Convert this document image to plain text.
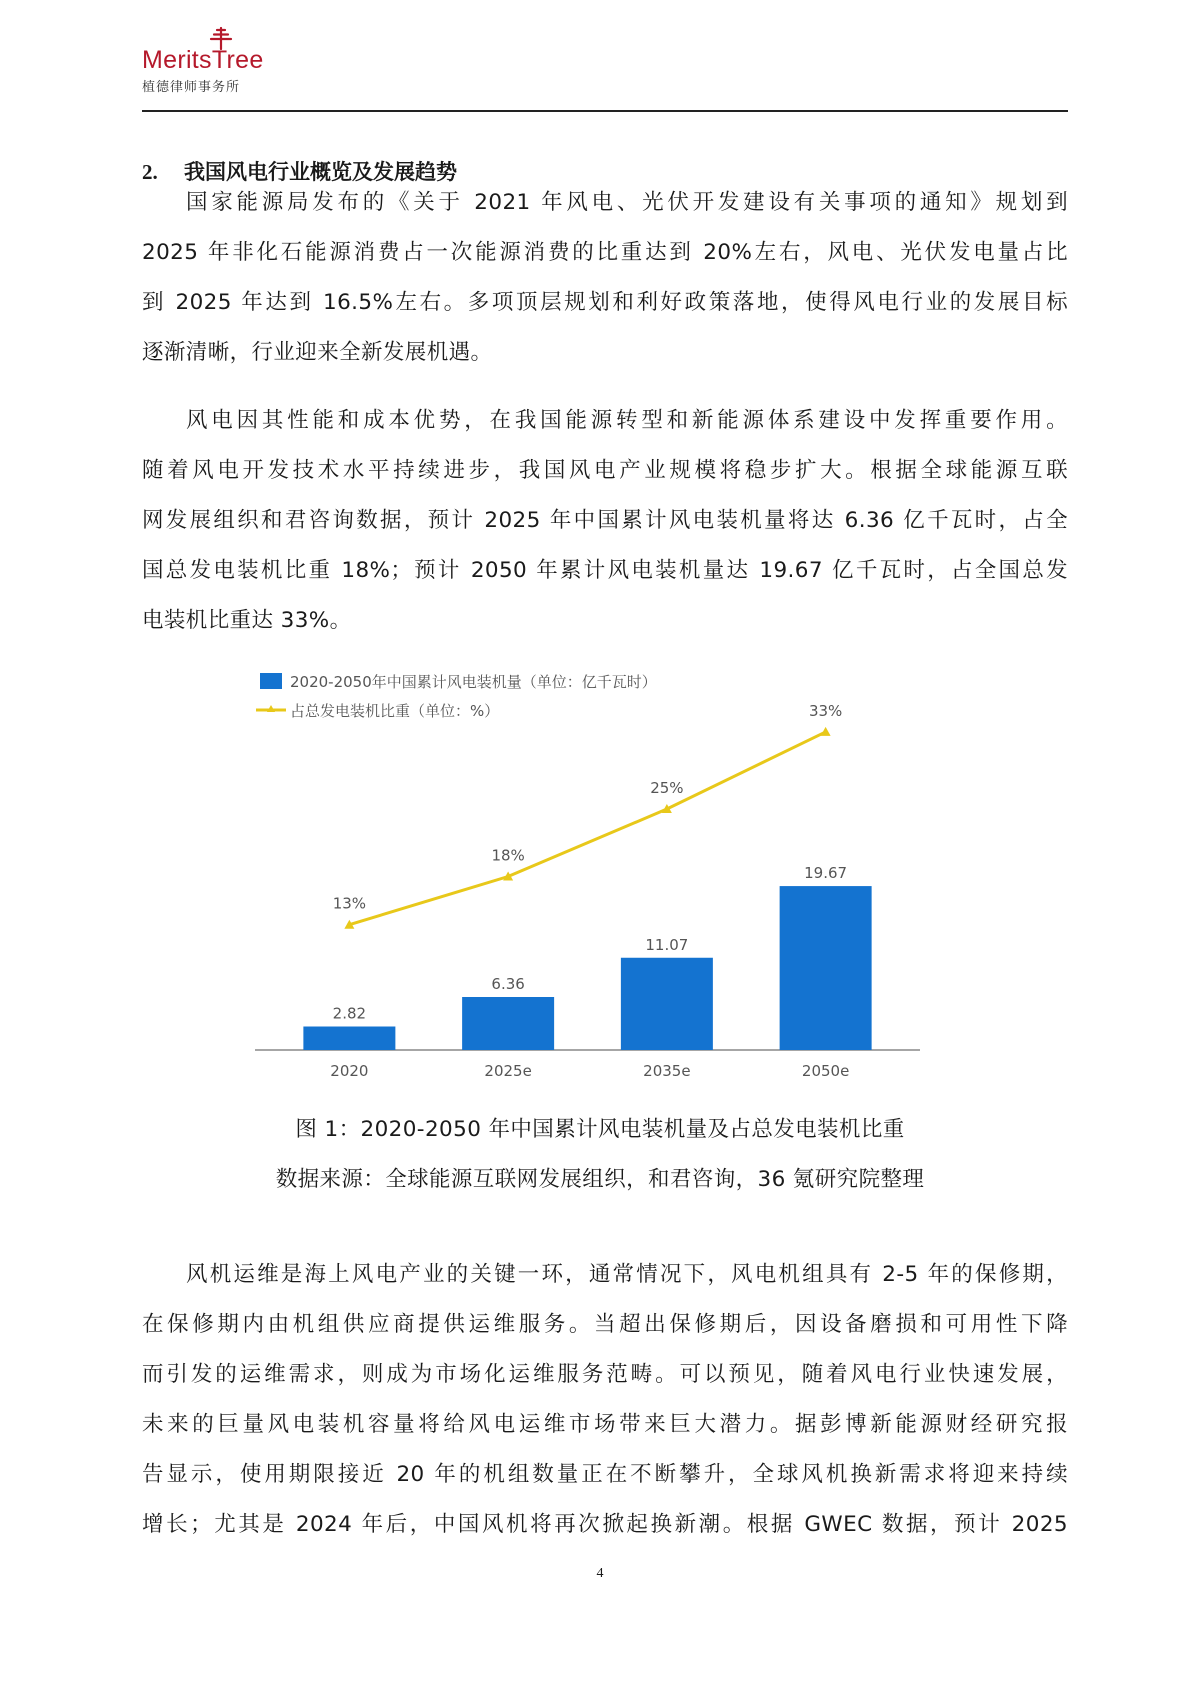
MeritsTree
植德律师事务所
2. 我国风电行业概览及发展趋势
国家能源局发布的《关于 2021 年风电、光伏开发建设有关事项的通知》规划到
2025 年非化石能源消费占一次能源消费的比重达到 20%左右，风电、光伏发电量占比
到 2025 年达到 16.5%左右。多项顶层规划和利好政策落地，使得风电行业的发展目标
逐渐清晰，行业迎来全新发展机遇。
风电因其性能和成本优势，在我国能源转型和新能源体系建设中发挥重要作用。
随着风电开发技术水平持续进步，我国风电产业规模将稳步扩大。根据全球能源互联
网发展组织和君咨询数据，预计 2025 年中国累计风电装机量将达 6.36 亿千瓦时，占全
国总发电装机比重 18%；预计 2050 年累计风电装机量达 19.67 亿千瓦时，占全国总发
电装机比重达 33%。
2020-2050年中国累计风电装机量（单位：亿千瓦时）
占总发电装机比重（单位：%）
2.82
2020
6.36
2025e
11.07
2035e
19.67
2050e
13%
18%
25%
33%
图 1：2020-2050 年中国累计风电装机量及占总发电装机比重
数据来源：全球能源互联网发展组织，和君咨询，36 氪研究院整理
风机运维是海上风电产业的关键一环，通常情况下，风电机组具有 2-5 年的保修期，
在保修期内由机组供应商提供运维服务。当超出保修期后，因设备磨损和可用性下降
而引发的运维需求，则成为市场化运维服务范畴。可以预见，随着风电行业快速发展，
未来的巨量风电装机容量将给风电运维市场带来巨大潜力。据彭博新能源财经研究报
告显示，使用期限接近 20 年的机组数量正在不断攀升，全球风机换新需求将迎来持续
增长；尤其是 2024 年后，中国风机将再次掀起换新潮。根据 GWEC 数据，预计 2025
4
